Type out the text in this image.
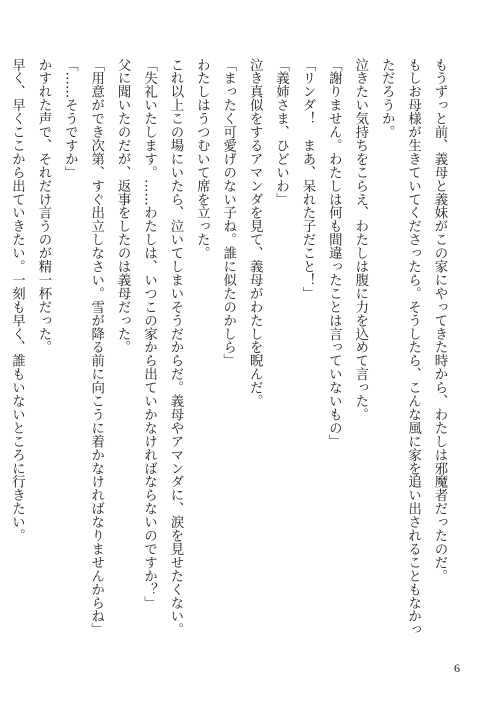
もうずっと前、義母と義妹がこの家にやってきた時から、わたしは邪魔者だったのだ。
もしお母様が生きていてくださったら。そうしたら、こんな風に家を追い出されることもなかっ
ただろうか。
泣きたい気持ちをこらえ、わたしは腹に力を込めて言った。
「謝りません。わたしは何も間違ったことは言っていないもの」
「リンダ！　まあ、呆れた子だこと！」
「義姉さま、ひどいわ」
泣き真似をするアマンダを見て、義母がわたしを睨んだ。
「まったく可愛げのない子ね。誰に似たのかしら」
わたしはうつむいて席を立った。
これ以上この場にいたら、泣いてしまいそうだからだ。義母やアマンダに、涙を見せたくない。
「失礼いたします。……わたしは、いつこの家から出ていかなければならないのですか？」
父に聞いたのだが、返事をしたのは義母だった。
「用意ができ次第、すぐ出立しなさい。雪が降る前に向こうに着かなければなりませんからね」
「……そうですか」
かすれた声で、それだけ言うのが精一杯だった。
早く、早くここから出ていきたい。一刻も早く、誰もいないところに行きたい。
6
